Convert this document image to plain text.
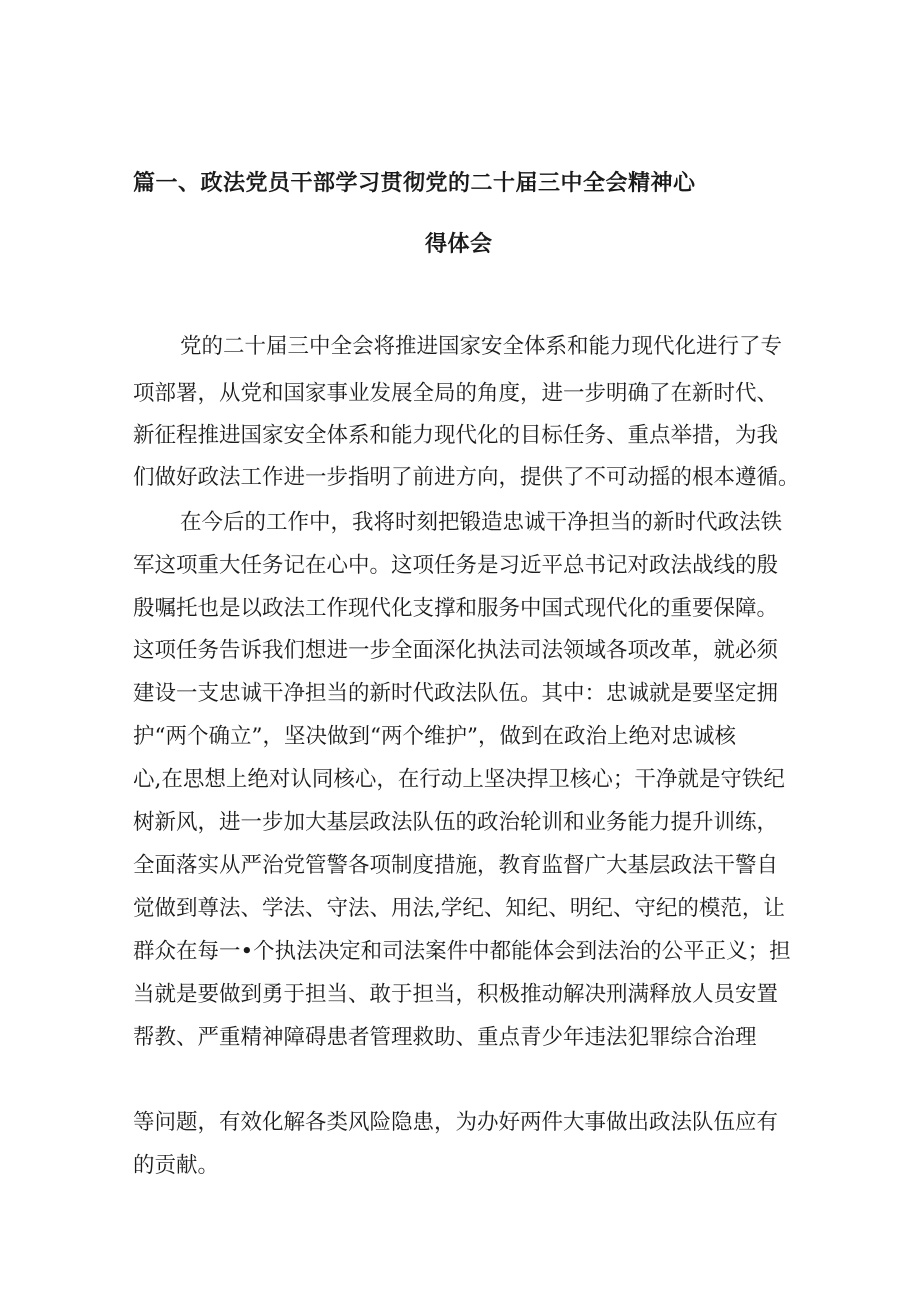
篇一、政法党员干部学习贯彻党的二十届三中全会精神心
得体会
党的二十届三中全会将推进国家安全体系和能力现代化进行了专
项部署，从党和国家事业发展全局的角度，进一步明确了在新时代、
新征程推进国家安全体系和能力现代化的目标任务、重点举措，为我
们做好政法工作进一步指明了前进方向，提供了不可动摇的根本遵循。
在今后的工作中，我将时刻把锻造忠诚干净担当的新时代政法铁
军这项重大任务记在心中。这项任务是习近平总书记对政法战线的殷
殷嘱托也是以政法工作现代化支撑和服务中国式现代化的重要保障。
这项任务告诉我们想进一步全面深化执法司法领域各项改革，就必须
建设一支忠诚干净担当的新时代政法队伍。其中：忠诚就是要坚定拥
护“两个确立”，坚决做到“两个维护”，做到在政治上绝对忠诚核
心,在思想上绝对认同核心，在行动上坚决捍卫核心；干净就是守铁纪
树新风，进一步加大基层政法队伍的政治轮训和业务能力提升训练，
全面落实从严治党管警各项制度措施，教育监督广大基层政法干警自
觉做到尊法、学法、守法、用法,学纪、知纪、明纪、守纪的模范，让
群众在每一•个执法决定和司法案件中都能体会到法治的公平正义；担
当就是要做到勇于担当、敢于担当，积极推动解决刑满释放人员安置
帮教、严重精神障碍患者管理救助、重点青少年违法犯罪综合治理
等问题，有效化解各类风险隐患，为办好两件大事做出政法队伍应有
的贡献。
